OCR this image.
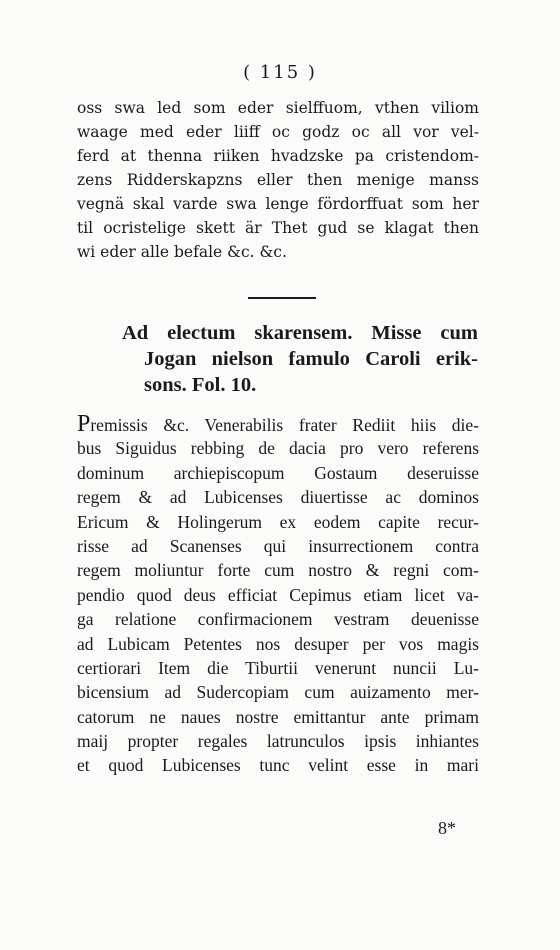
( 115 )
oss swa led som eder sielffuom, vthen viliom
waage med eder liiff oc godz oc all vor vel-
ferd at thenna riiken hvadzske pa cristendom-
zens Ridderskapzns eller then menige manss
vegnä skal varde swa lenge fördorffuat som her
til ocristelige skett är Thet gud se klagat then
wi eder alle befale &c. &c.
Ad electum skarensem. Misse cum
Jogan nielson famulo Caroli erik-
sons. Fol. 10.
Premissis &c. Venerabilis frater Rediit hiis die-
bus Siguidus rebbing de dacia pro vero referens
dominum archiepiscopum Gostaum deseruisse
regem & ad Lubicenses diuertisse ac dominos
Ericum & Holingerum ex eodem capite recur-
risse ad Scanenses qui insurrectionem contra
regem moliuntur forte cum nostro & regni com-
pendio quod deus efficiat Cepimus etiam licet va-
ga relatione confirmacionem vestram deuenisse
ad Lubicam Petentes nos desuper per vos magis
certiorari Item die Tiburtii venerunt nuncii Lu-
bicensium ad Sudercopiam cum auizamento mer-
catorum ne naues nostre emittantur ante primam
maij propter regales latrunculos ipsis inhiantes
et quod Lubicenses tunc velint esse in mari
8*
